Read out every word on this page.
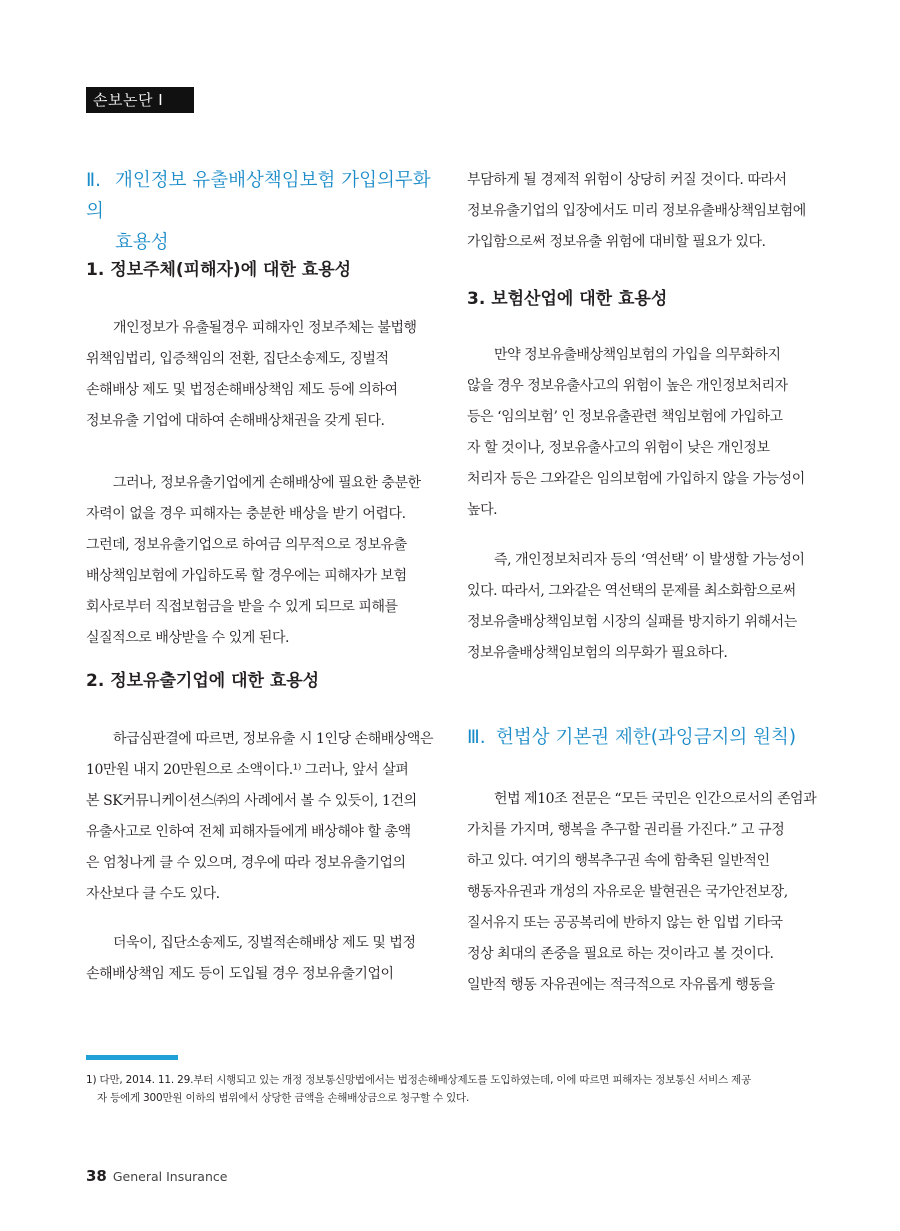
손보논단 I
Ⅱ. 개인정보 유출배상책임보험 가입의무화의
효용성
1. 정보주체(피해자)에 대한 효용성
개인정보가 유출될경우 피해자인 정보주체는 불법행
위책임법리, 입증책임의 전환, 집단소송제도, 징벌적
손해배상 제도 및 법정손해배상책임 제도 등에 의하여
정보유출 기업에 대하여 손해배상채권을 갖게 된다.
그러나, 정보유출기업에게 손해배상에 필요한 충분한
자력이 없을 경우 피해자는 충분한 배상을 받기 어렵다.
그런데, 정보유출기업으로 하여금 의무적으로 정보유출
배상책임보험에 가입하도록 할 경우에는 피해자가 보험
회사로부터 직접보험금을 받을 수 있게 되므로 피해를
실질적으로 배상받을 수 있게 된다.
2. 정보유출기업에 대한 효용성
하급심판결에 따르면, 정보유출 시 1인당 손해배상액은
10만원 내지 20만원으로 소액이다.¹⁾ 그러나, 앞서 살펴
본 SK커뮤니케이션스㈜의 사례에서 볼 수 있듯이, 1건의
유출사고로 인하여 전체 피해자들에게 배상해야 할 총액
은 엄청나게 클 수 있으며, 경우에 따라 정보유출기업의
자산보다 클 수도 있다.
더욱이, 집단소송제도, 징벌적손해배상 제도 및 법정
손해배상책임 제도 등이 도입될 경우 정보유출기업이
부담하게 될 경제적 위험이 상당히 커질 것이다. 따라서
정보유출기업의 입장에서도 미리 정보유출배상책임보험에
가입함으로써 정보유출 위험에 대비할 필요가 있다.
3. 보험산업에 대한 효용성
만약 정보유출배상책임보험의 가입을 의무화하지
않을 경우 정보유출사고의 위험이 높은 개인정보처리자
등은 ‘임의보험’ 인 정보유출관련 책임보험에 가입하고
자 할 것이나, 정보유출사고의 위험이 낮은 개인정보
처리자 등은 그와같은 임의보험에 가입하지 않을 가능성이
높다.
즉, 개인정보처리자 등의 ‘역선택’ 이 발생할 가능성이
있다. 따라서, 그와같은 역선택의 문제를 최소화함으로써
정보유출배상책임보험 시장의 실패를 방지하기 위해서는
정보유출배상책임보험의 의무화가 필요하다.
Ⅲ. 헌법상 기본권 제한(과잉금지의 원칙)
헌법 제10조 전문은 “모든 국민은 인간으로서의 존엄과
가치를 가지며, 행복을 추구할 권리를 가진다.” 고 규정
하고 있다. 여기의 행복추구권 속에 함축된 일반적인
행동자유권과 개성의 자유로운 발현권은 국가안전보장,
질서유지 또는 공공복리에 반하지 않는 한 입법 기타국
정상 최대의 존중을 필요로 하는 것이라고 볼 것이다.
일반적 행동 자유권에는 적극적으로 자유롭게 행동을
1) 다만, 2014. 11. 29.부터 시행되고 있는 개정 정보통신망법에서는 법정손해배상제도를 도입하였는데, 이에 따르면 피해자는 정보통신 서비스 제공
자 등에게 300만원 이하의 범위에서 상당한 금액을 손해배상금으로 청구할 수 있다.
38 General Insurance
